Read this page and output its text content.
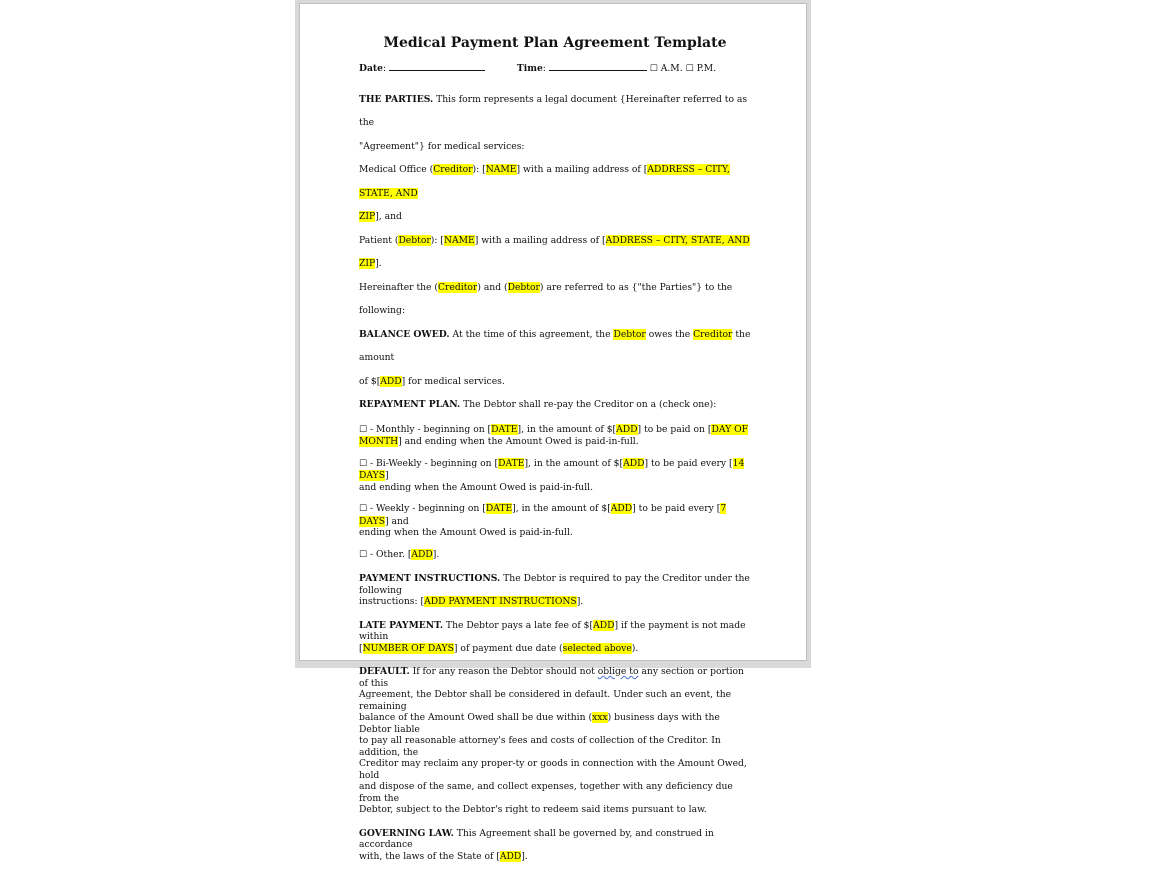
Medical Payment Plan Agreement Template
Date:	Time:	☐ A.M. ☐ P.M.

THE PARTIES. This form represents a legal document {Hereinafter referred to as the
"Agreement"} for medical services:
Medical Office (Creditor): [NAME] with a mailing address of [ADDRESS – CITY, STATE, AND
ZIP], and
Patient (Debtor): [NAME] with a mailing address of [ADDRESS – CITY, STATE, AND ZIP].
Hereinafter the (Creditor) and (Debtor) are referred to as {"the Parties"} to the following:
BALANCE OWED. At the time of this agreement, the Debtor owes the Creditor the amount
of $[ADD] for medical services.
REPAYMENT PLAN. The Debtor shall re-pay the Creditor on a (check one):

☐ - Monthly - beginning on [DATE], in the amount of $[ADD] to be paid on [DAY OF
MONTH] and ending when the Amount Owed is paid-in-full.

☐ - Bi-Weekly - beginning on [DATE], in the amount of $[ADD] to be paid every [14 DAYS]
and ending when the Amount Owed is paid-in-full.

☐ - Weekly - beginning on [DATE], in the amount of $[ADD] to be paid every [7 DAYS] and
ending when the Amount Owed is paid-in-full.

☐ - Other. [ADD].

PAYMENT INSTRUCTIONS. The Debtor is required to pay the Creditor under the following
instructions: [ADD PAYMENT INSTRUCTIONS].

LATE PAYMENT. The Debtor pays a late fee of $[ADD] if the payment is not made within
[NUMBER OF DAYS] of payment due date (selected above).

DEFAULT. If for any reason the Debtor should not oblige to any section or portion of this
Agreement, the Debtor shall be considered in default. Under such an event, the remaining
balance of the Amount Owed shall be due within (xxx) business days with the Debtor liable
to pay all reasonable attorney's fees and costs of collection of the Creditor. In addition, the
Creditor may reclaim any proper-ty or goods in connection with the Amount Owed, hold
and dispose of the same, and collect expenses, together with any deficiency due from the
Debtor, subject to the Debtor's right to redeem said items pursuant to law.

GOVERNING LAW. This Agreement shall be governed by, and construed in accordance
with, the laws of the State of [ADD].
